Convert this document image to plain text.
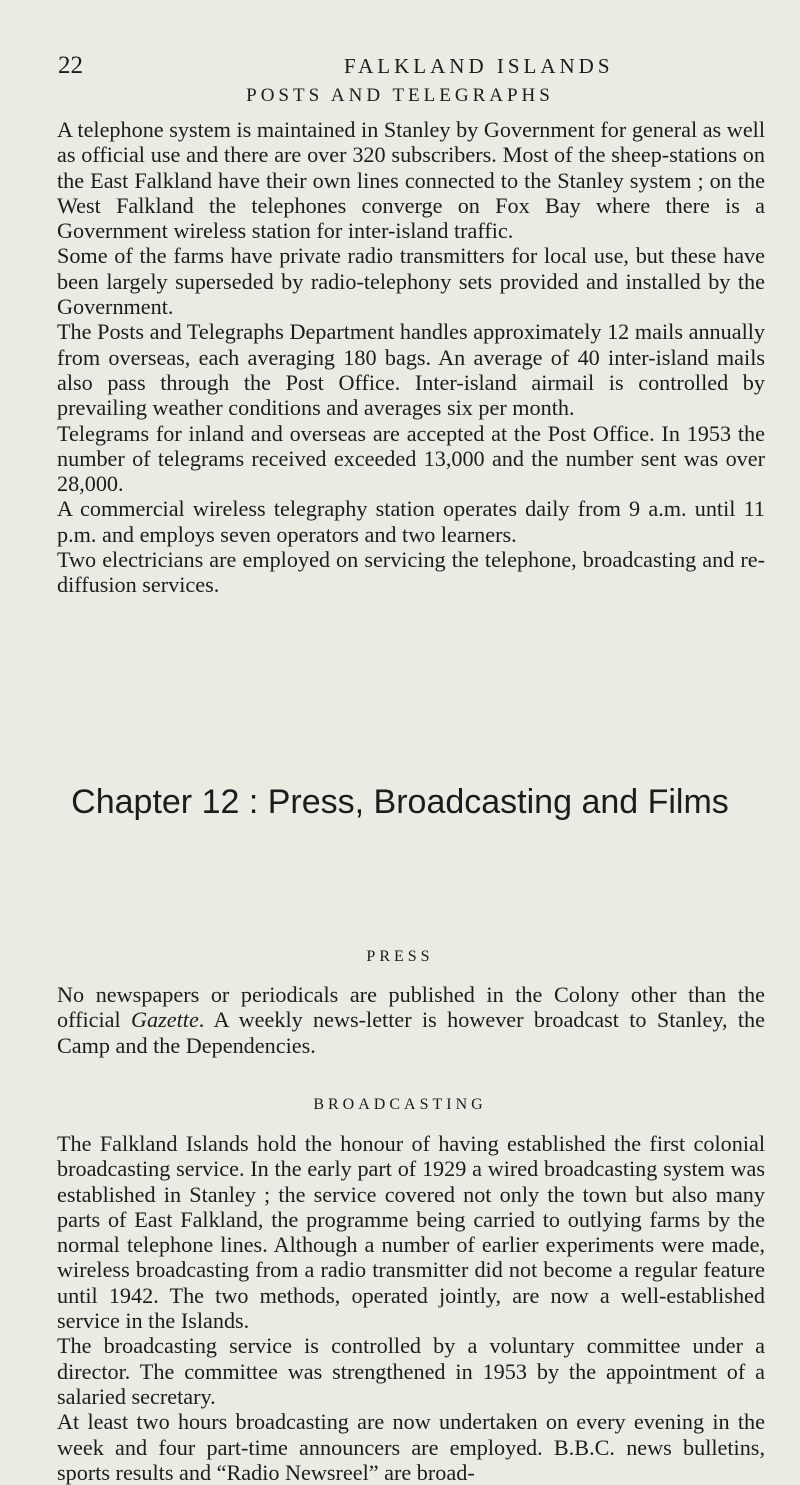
22	FALKLAND ISLANDS
POSTS AND TELEGRAPHS

A telephone system is maintained in Stanley by Government for general as well as official use and there are over 320 subscribers. Most of the sheep-stations on the East Falkland have their own lines connected to the Stanley system ; on the West Falkland the telephones converge on Fox Bay where there is a Government wireless station for inter-island traffic.

Some of the farms have private radio transmitters for local use, but these have been largely superseded by radio-telephony sets provided and installed by the Government.

The Posts and Telegraphs Department handles approximately 12 mails annually from overseas, each averaging 180 bags. An average of 40 inter-island mails also pass through the Post Office. Inter-island airmail is controlled by prevailing weather conditions and averages six per month.

Telegrams for inland and overseas are accepted at the Post Office. In 1953 the number of telegrams received exceeded 13,000 and the number sent was over 28,000.

A commercial wireless telegraphy station operates daily from 9 a.m. until 11 p.m. and employs seven operators and two learners.

Two electricians are employed on servicing the telephone, broadcasting and re-diffusion services.

Chapter 12 : Press, Broadcasting and Films
PRESS

No newspapers or periodicals are published in the Colony other than the official Gazette. A weekly news-letter is however broadcast to Stanley, the Camp and the Dependencies.

BROADCASTING

The Falkland Islands hold the honour of having established the first colonial broadcasting service. In the early part of 1929 a wired broadcasting system was established in Stanley ; the service covered not only the town but also many parts of East Falkland, the programme being carried to outlying farms by the normal telephone lines. Although a number of earlier experiments were made, wireless broadcasting from a radio transmitter did not become a regular feature until 1942. The two methods, operated jointly, are now a well-established service in the Islands.

The broadcasting service is controlled by a voluntary committee under a director. The committee was strengthened in 1953 by the appointment of a salaried secretary.

At least two hours broadcasting are now undertaken on every evening in the week and four part-time announcers are employed. B.B.C. news bulletins, sports results and “Radio Newsreel” are broad-
